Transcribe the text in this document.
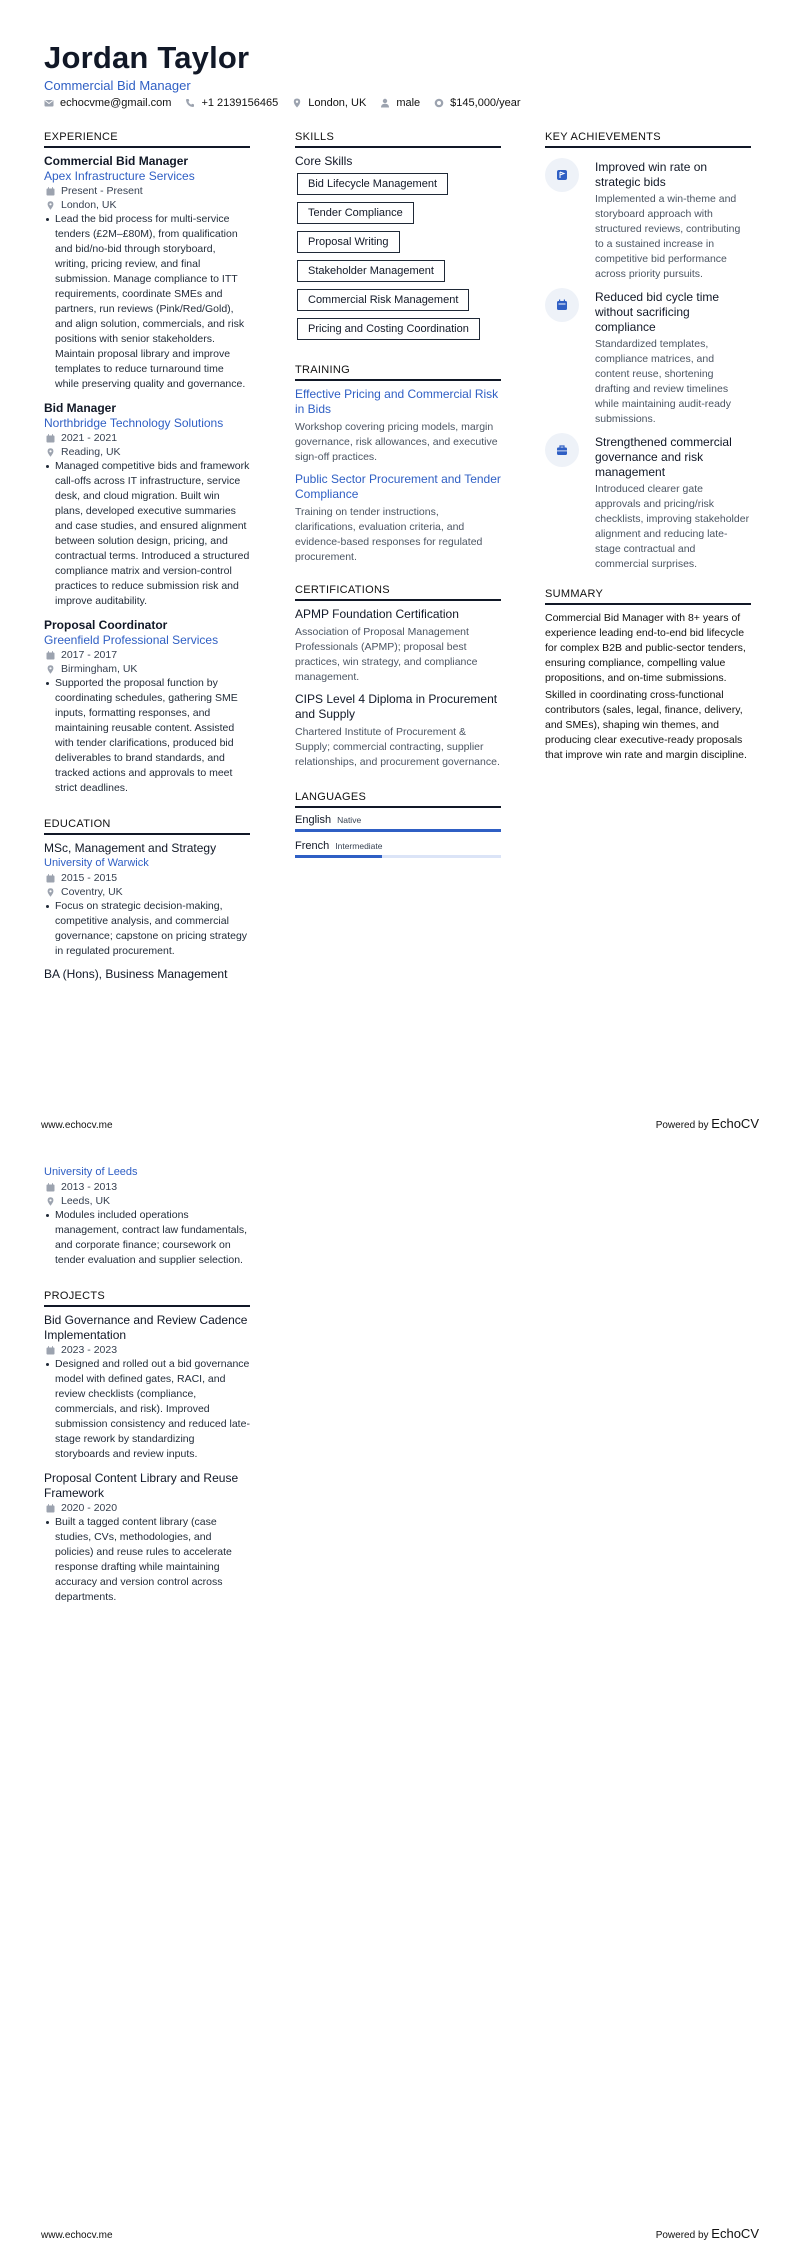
Jordan Taylor
Commercial Bid Manager
echocvme@gmail.com	+1 2139156465	London, UK	male	$145,000/year
EXPERIENCE
Commercial Bid Manager
Apex Infrastructure Services
Present - Present
London, UK
Lead the bid process for multi-service tenders (£2M–£80M), from qualification and bid/no-bid through storyboard, writing, pricing review, and final submission. Manage compliance to ITT requirements, coordinate SMEs and partners, run reviews (Pink/Red/Gold), and align solution, commercials, and risk positions with senior stakeholders. Maintain proposal library and improve templates to reduce turnaround time while preserving quality and governance.
Bid Manager
Northbridge Technology Solutions
2021 - 2021
Reading, UK
Managed competitive bids and framework call-offs across IT infrastructure, service desk, and cloud migration. Built win plans, developed executive summaries and case studies, and ensured alignment between solution design, pricing, and contractual terms. Introduced a structured compliance matrix and version-control practices to reduce submission risk and improve auditability.
Proposal Coordinator
Greenfield Professional Services
2017 - 2017
Birmingham, UK
Supported the proposal function by coordinating schedules, gathering SME inputs, formatting responses, and maintaining reusable content. Assisted with tender clarifications, produced bid deliverables to brand standards, and tracked actions and approvals to meet strict deadlines.
EDUCATION
MSc, Management and Strategy
University of Warwick
2015 - 2015
Coventry, UK
Focus on strategic decision-making, competitive analysis, and commercial governance; capstone on pricing strategy in regulated procurement.
BA (Hons), Business Management
SKILLS
Core Skills
Bid Lifecycle Management
Tender Compliance
Proposal Writing
Stakeholder Management
Commercial Risk Management
Pricing and Costing Coordination
TRAINING
Effective Pricing and Commercial Risk in Bids
Workshop covering pricing models, margin governance, risk allowances, and executive sign-off practices.
Public Sector Procurement and Tender Compliance
Training on tender instructions, clarifications, evaluation criteria, and evidence-based responses for regulated procurement.
CERTIFICATIONS
APMP Foundation Certification
Association of Proposal Management Professionals (APMP); proposal best practices, win strategy, and compliance management.
CIPS Level 4 Diploma in Procurement and Supply
Chartered Institute of Procurement & Supply; commercial contracting, supplier relationships, and procurement governance.
LANGUAGES
English Native
French Intermediate
KEY ACHIEVEMENTS
Improved win rate on strategic bids
Implemented a win-theme and storyboard approach with structured reviews, contributing to a sustained increase in competitive bid performance across priority pursuits.
Reduced bid cycle time without sacrificing compliance
Standardized templates, compliance matrices, and content reuse, shortening drafting and review timelines while maintaining audit-ready submissions.
Strengthened commercial governance and risk management
Introduced clearer gate approvals and pricing/risk checklists, improving stakeholder alignment and reducing late-stage contractual and commercial surprises.
SUMMARY
Commercial Bid Manager with 8+ years of experience leading end-to-end bid lifecycle for complex B2B and public-sector tenders, ensuring compliance, compelling value propositions, and on-time submissions.
Skilled in coordinating cross-functional contributors (sales, legal, finance, delivery, and SMEs), shaping win themes, and producing clear executive-ready proposals that improve win rate and margin discipline.
www.echocv.me	Powered by EchoCV
University of Leeds
2013 - 2013
Leeds, UK
Modules included operations management, contract law fundamentals, and corporate finance; coursework on tender evaluation and supplier selection.
PROJECTS
Bid Governance and Review Cadence Implementation
2023 - 2023
Designed and rolled out a bid governance model with defined gates, RACI, and review checklists (compliance, commercials, and risk). Improved submission consistency and reduced late-stage rework by standardizing storyboards and review inputs.
Proposal Content Library and Reuse Framework
2020 - 2020
Built a tagged content library (case studies, CVs, methodologies, and policies) and reuse rules to accelerate response drafting while maintaining accuracy and version control across departments.
www.echocv.me	Powered by EchoCV
